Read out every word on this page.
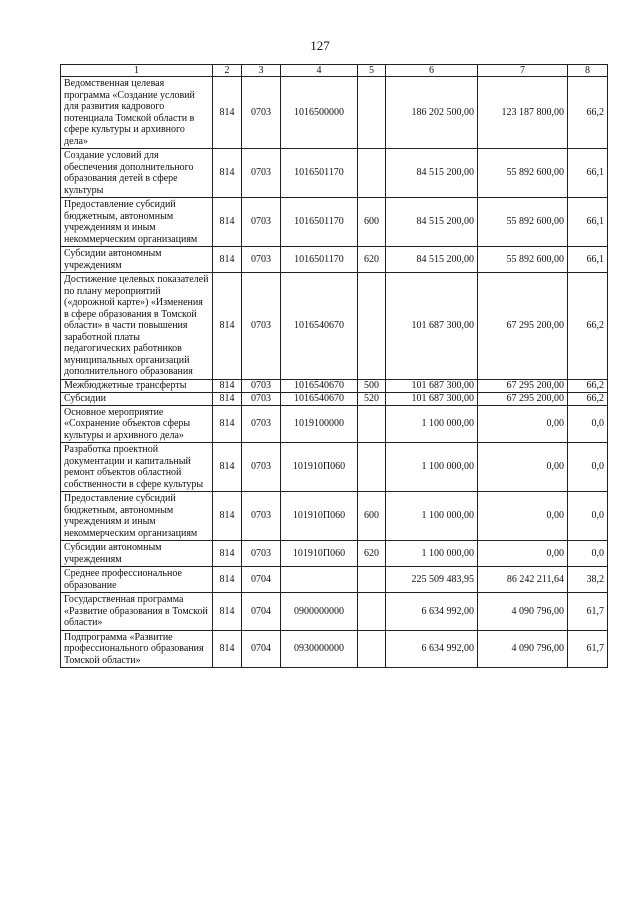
127
1	2	3	4	5	6	7	8
Ведомственная целевая программа «Создание условий для развития кадрового потенциала Томской области в сфере культуры и архивного дела»	814	0703	1016500000		186 202 500,00	123 187 800,00	66,2
Создание условий для обеспечения дополнительного образования детей в сфере культуры	814	0703	1016501170		84 515 200,00	55 892 600,00	66,1
Предоставление субсидий бюджетным, автономным учреждениям и иным некоммерческим организациям	814	0703	1016501170	600	84 515 200,00	55 892 600,00	66,1
Субсидии автономным учреждениям	814	0703	1016501170	620	84 515 200,00	55 892 600,00	66,1
Достижение целевых показателей по плану мероприятий («дорожной карте») «Изменения в сфере образования в Томской области» в части повышения заработной платы педагогических работников муниципальных организаций дополнительного образования	814	0703	1016540670		101 687 300,00	67 295 200,00	66,2
Межбюджетные трансферты	814	0703	1016540670	500	101 687 300,00	67 295 200,00	66,2
Субсидии	814	0703	1016540670	520	101 687 300,00	67 295 200,00	66,2
Основное мероприятие «Сохранение объектов сферы культуры и архивного дела»	814	0703	1019100000		1 100 000,00	0,00	0,0
Разработка проектной документации и капитальный ремонт объектов областной собственности в сфере культуры	814	0703	101910П060		1 100 000,00	0,00	0,0
Предоставление субсидий бюджетным, автономным учреждениям и иным некоммерческим организациям	814	0703	101910П060	600	1 100 000,00	0,00	0,0
Субсидии автономным учреждениям	814	0703	101910П060	620	1 100 000,00	0,00	0,0
Среднее профессиональное образование	814	0704			225 509 483,95	86 242 211,64	38,2
Государственная программа «Развитие образования в Томской области»	814	0704	0900000000		6 634 992,00	4 090 796,00	61,7
Подпрограмма «Развитие профессионального образования Томской области»	814	0704	0930000000		6 634 992,00	4 090 796,00	61,7
